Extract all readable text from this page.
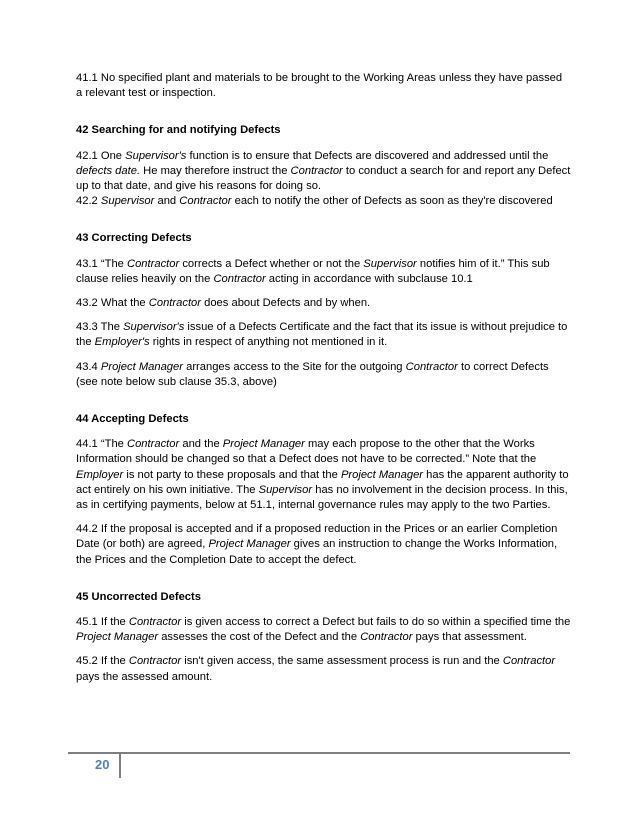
41.1 No specified plant and materials to be brought to the Working Areas unless they have passed a relevant test or inspection.

42 Searching for and notifying Defects

42.1 One Supervisor's function is to ensure that Defects are discovered and addressed until the defects date. He may therefore instruct the Contractor to conduct a search for and report any Defect up to that date, and give his reasons for doing so.

42.2 Supervisor and Contractor each to notify the other of Defects as soon as they're discovered

43 Correcting Defects

43.1 “The Contractor corrects a Defect whether or not the Supervisor notifies him of it.” This sub clause relies heavily on the Contractor acting in accordance with subclause 10.1

43.2 What the Contractor does about Defects and by when.

43.3 The Supervisor's issue of a Defects Certificate and the fact that its issue is without prejudice to the Employer's rights in respect of anything not mentioned in it.

43.4 Project Manager arranges access to the Site for the outgoing Contractor to correct Defects (see note below sub clause 35.3, above)

44 Accepting Defects

44.1 “The Contractor and the Project Manager may each propose to the other that the Works Information should be changed so that a Defect does not have to be corrected.” Note that the Employer is not party to these proposals and that the Project Manager has the apparent authority to act entirely on his own initiative. The Supervisor has no involvement in the decision process. In this, as in certifying payments, below at 51.1, internal governance rules may apply to the two Parties.

44.2 If the proposal is accepted and if a proposed reduction in the Prices or an earlier Completion Date (or both) are agreed, Project Manager gives an instruction to change the Works Information, the Prices and the Completion Date to accept the defect.

45 Uncorrected Defects

45.1 If the Contractor is given access to correct a Defect but fails to do so within a specified time the Project Manager assesses the cost of the Defect and the Contractor pays that assessment.

45.2 If the Contractor isn't given access, the same assessment process is run and the Contractor pays the assessed amount.

20
